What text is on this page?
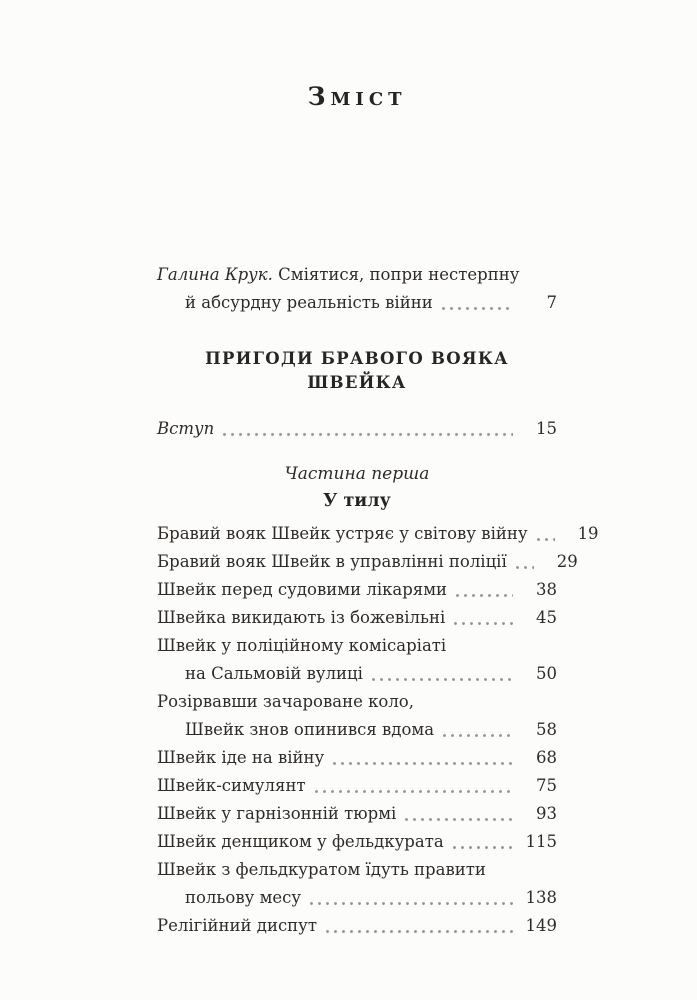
ЗМІСТ
Галина Крук. Сміятися, попри нестерпну
й абсурдну реальність війни	7
ПРИГОДИ БРАВОГО ВОЯКА ШВЕЙКА
Вступ	15
Частина перша
У тилу
Бравий вояк Швейк устряє у світову війну	19
Бравий вояк Швейк в управлінні поліції	29
Швейк перед судовими лікарями	38
Швейка викидають із божевільні	45
Швейк у поліційному комісаріаті
на Сальмовій вулиці	50
Розірвавши зачароване коло,
Швейк знов опинився вдома	58
Швейк іде на війну	68
Швейк-симулянт	75
Швейк у гарнізонній тюрмі	93
Швейк денщиком у фельдкурата	115
Швейк з фельдкуратом їдуть правити
польову месу	138
Релігійний диспут	149
